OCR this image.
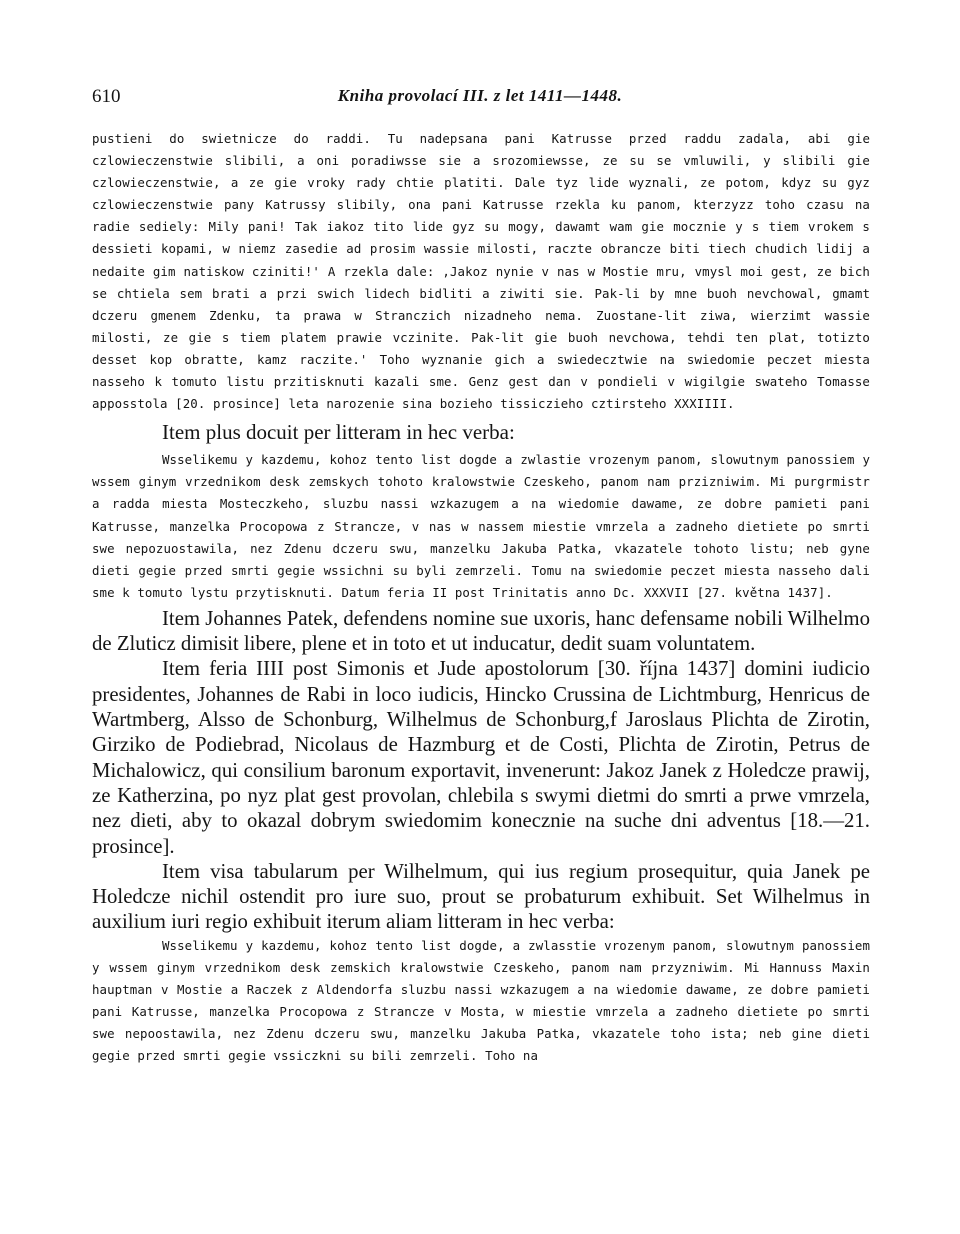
610	Kniha provolací III. z let 1411—1448.

pustieni do swietnicze do raddi. Tu nadepsana pani Katrusse przed raddu zadala, abi gie czlowieczenstwie slibili, a oni poradiwsse sie a srozomiewsse, ze su se vmluwili, y slibili gie czlowieczenstwie, a ze gie vroky rady chtie platiti. Dale tyz lide wyznali, ze potom, kdyz su gyz czlowieczenstwie pany Katrussy slibily, ona pani Katrusse rzekla ku panom, kterzyzz toho czasu na radie sediely: Mily pani! Tak iakoz tito lide gyz su mogy, dawamt wam gie mocznie y s tiem vrokem s dessieti kopami, w niemz zasedie ad prosim wassie milosti, raczte obrancze biti tiech chudich lidij a nedaite gim natiskow cziniti!' A rzekla dale: ‚Jakoz nynie v nas w Mostie mru, vmysl moi gest, ze bich se chtiela sem brati a przi swich lidech bidliti a ziwiti sie. Pak-li by mne buoh nevchowal, gmamt dczeru gmenem Zdenku, ta prawa w Stranczich nizadneho nema. Zuostane-lit ziwa, wierzimt wassie milosti, ze gie s tiem platem prawie vczinite. Pak-lit gie buoh nevchowa, tehdi ten plat, totizto desset kop obratte, kamz raczite.' Toho wyznanie gich a swiedecztwie na swiedomie peczet miesta nasseho k tomuto listu przitisknuti kazali sme. Genz gest dan v pondieli v wigilgie swateho Tomasse apposstola [20. prosince] leta narozenie sina bozieho tissiczieho cztirsteho XXXIIII.

Item plus docuit per litteram in hec verba:

Wsselikemu y kazdemu, kohoz tento list dogde a zwlastie vrozenym panom, slowutnym panossiem y wssem ginym vrzednikom desk zemskych tohoto kralowstwie Czeskeho, panom nam przizniwim. Mi purgrmistr a radda miesta Mosteczkeho, sluzbu nassi wzkazugem a na wiedomie dawame, ze dobre pamieti pani Katrusse, manzelka Procopowa z Strancze, v nas w nassem miestie vmrzela a zadneho dietiete po smrti swe nepozuostawila, nez Zdenu dczeru swu, manzelku Jakuba Patka, vkazatele tohoto listu; neb gyne dieti gegie przed smrti gegie wssichni su byli zemrzeli. Tomu na swiedomie peczet miesta nasseho dali sme k tomuto lystu przytisknuti. Datum feria II post Trinitatis anno Dc. XXXVII [27. května 1437].

Item Johannes Patek, defendens nomine sue uxoris, hanc defensame nobili Wilhelmo de Zluticz dimisit libere, plene et in toto et ut inducatur, dedit suam voluntatem.

Item feria IIII post Simonis et Jude apostolorum [30. října 1437] domini iudicio presidentes, Johannes de Rabi in loco iudicis, Hincko Crussina de Lichtmburg, Henricus de Wartmberg, Alsso de Schonburg, Wilhelmus de Schonburg,f Jaroslaus Plichta de Zirotin, Girziko de Podiebrad, Nicolaus de Hazmburg et de Costi, Plichta de Zirotin, Petrus de Michalowicz, qui consilium baronum exportavit, invenerunt: Jakoz Janek z Holedcze prawij, ze Katherzina, po nyz plat gest provolan, chlebila s swymi dietmi do smrti a prwe vmrzela, nez dieti, aby to okazal dobrym swiedomim konecznie na suche dni adventus [18.—21. prosince].

Item visa tabularum per Wilhelmum, qui ius regium prosequitur, quia Janek pe Holedcze nichil ostendit pro iure suo, prout se probaturum exhibuit. Set Wilhelmus in auxilium iuri regio exhibuit iterum aliam litteram in hec verba:

Wsselikemu y kazdemu, kohoz tento list dogde, a zwlasstie vrozenym panom, slowutnym panossiem y wssem ginym vrzednikom desk zemskich kralowstwie Czeskeho, panom nam przyzniwim. Mi Hannuss Maxin hauptman v Mostie a Raczek z Aldendorfa sluzbu nassi wzkazugem a na wiedomie dawame, ze dobre pamieti pani Katrusse, manzelka Procopowa z Strancze v Mosta, w miestie vmrzela a zadneho dietiete po smrti swe nepoostawila, nez Zdenu dczeru swu, manzelku Jakuba Patka, vkazatele toho ista; neb gine dieti gegie przed smrti gegie vssiczkni su bili zemrzeli. Toho na
